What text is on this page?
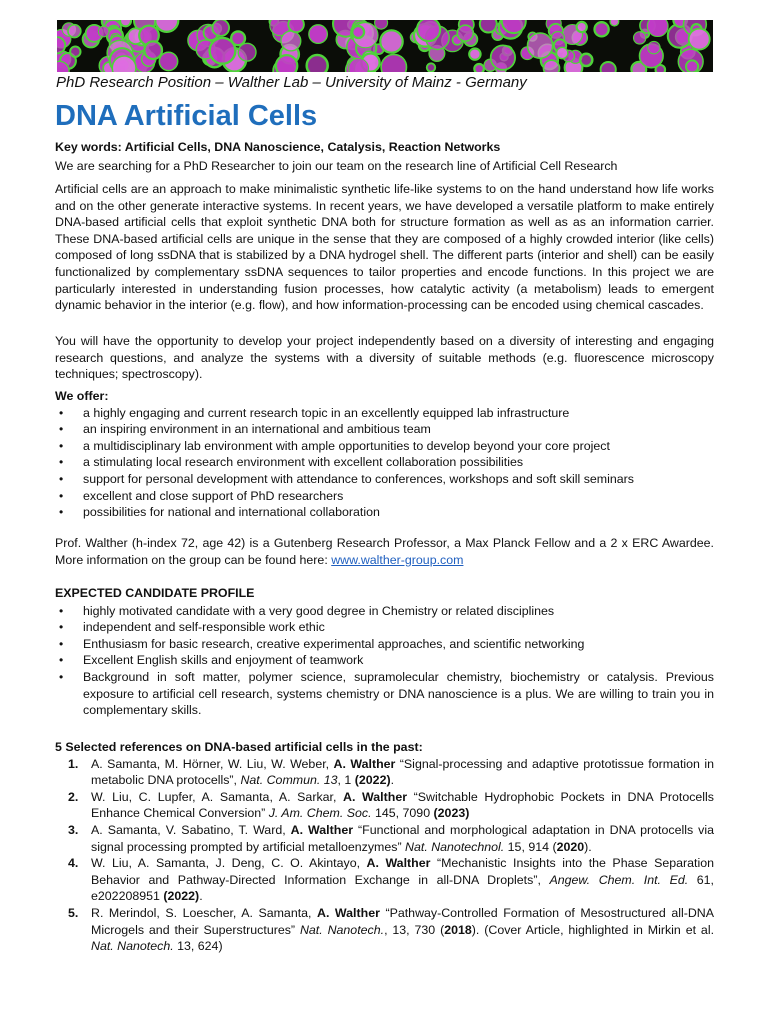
PhD Research Position – Walther Lab – University of Mainz - Germany
DNA Artificial Cells
Key words: Artificial Cells, DNA Nanoscience, Catalysis, Reaction Networks
We are searching for a PhD Researcher to join our team on the research line of Artificial Cell Research
Artificial cells are an approach to make minimalistic synthetic life-like systems to on the hand understand how life works and on the other generate interactive systems. In recent years, we have developed a versatile platform to make entirely DNA-based artificial cells that exploit synthetic DNA both for structure formation as well as as an information carrier. These DNA-based artificial cells are unique in the sense that they are composed of a highly crowded interior (like cells) composed of long ssDNA that is stabilized by a DNA hydrogel shell. The different parts (interior and shell) can be easily functionalized by complementary ssDNA sequences to tailor properties and encode functions. In this project we are particularly interested in understanding fusion processes, how catalytic activity (a metabolism) leads to emergent dynamic behavior in the interior (e.g. flow), and how information-processing can be encoded using chemical cascades.
You will have the opportunity to develop your project independently based on a diversity of interesting and engaging research questions, and analyze the systems with a diversity of suitable methods (e.g. fluorescence microscopy techniques; spectroscopy).
We offer:
• a highly engaging and current research topic in an excellently equipped lab infrastructure
• an inspiring environment in an international and ambitious team
• a multidisciplinary lab environment with ample opportunities to develop beyond your core project
• a stimulating local research environment with excellent collaboration possibilities
• support for personal development with attendance to conferences, workshops and soft skill seminars
• excellent and close support of PhD researchers
• possibilities for national and international collaboration
Prof. Walther (h-index 72, age 42) is a Gutenberg Research Professor, a Max Planck Fellow and a 2 x ERC Awardee. More information on the group can be found here: www.walther-group.com
EXPECTED CANDIDATE PROFILE
• highly motivated candidate with a very good degree in Chemistry or related disciplines
• independent and self-responsible work ethic
• Enthusiasm for basic research, creative experimental approaches, and scientific networking
• Excellent English skills and enjoyment of teamwork
• Background in soft matter, polymer science, supramolecular chemistry, biochemistry or catalysis. Previous exposure to artificial cell research, systems chemistry or DNA nanoscience is a plus. We are willing to train you in complementary skills.
5 Selected references on DNA-based artificial cells in the past:
1. A. Samanta, M. Hörner, W. Liu, W. Weber, A. Walther “Signal-processing and adaptive prototissue formation in metabolic DNA protocells”, Nat. Commun. 13, 1 (2022).
2. W. Liu, C. Lupfer, A. Samanta, A. Sarkar, A. Walther “Switchable Hydrophobic Pockets in DNA Protocells Enhance Chemical Conversion” J. Am. Chem. Soc. 145, 7090 (2023)
3. A. Samanta, V. Sabatino, T. Ward, A. Walther “Functional and morphological adaptation in DNA protocells via signal processing prompted by artificial metalloenzymes” Nat. Nanotechnol. 15, 914 (2020).
4. W. Liu, A. Samanta, J. Deng, C. O. Akintayo, A. Walther “Mechanistic Insights into the Phase Separation Behavior and Pathway-Directed Information Exchange in all-DNA Droplets”, Angew. Chem. Int. Ed. 61, e202208951 (2022).
5. R. Merindol, S. Loescher, A. Samanta, A. Walther “Pathway-Controlled Formation of Mesostructured all-DNA Microgels and their Superstructures” Nat. Nanotech., 13, 730 (2018). (Cover Article, highlighted in Mirkin et al. Nat. Nanotech. 13, 624)
